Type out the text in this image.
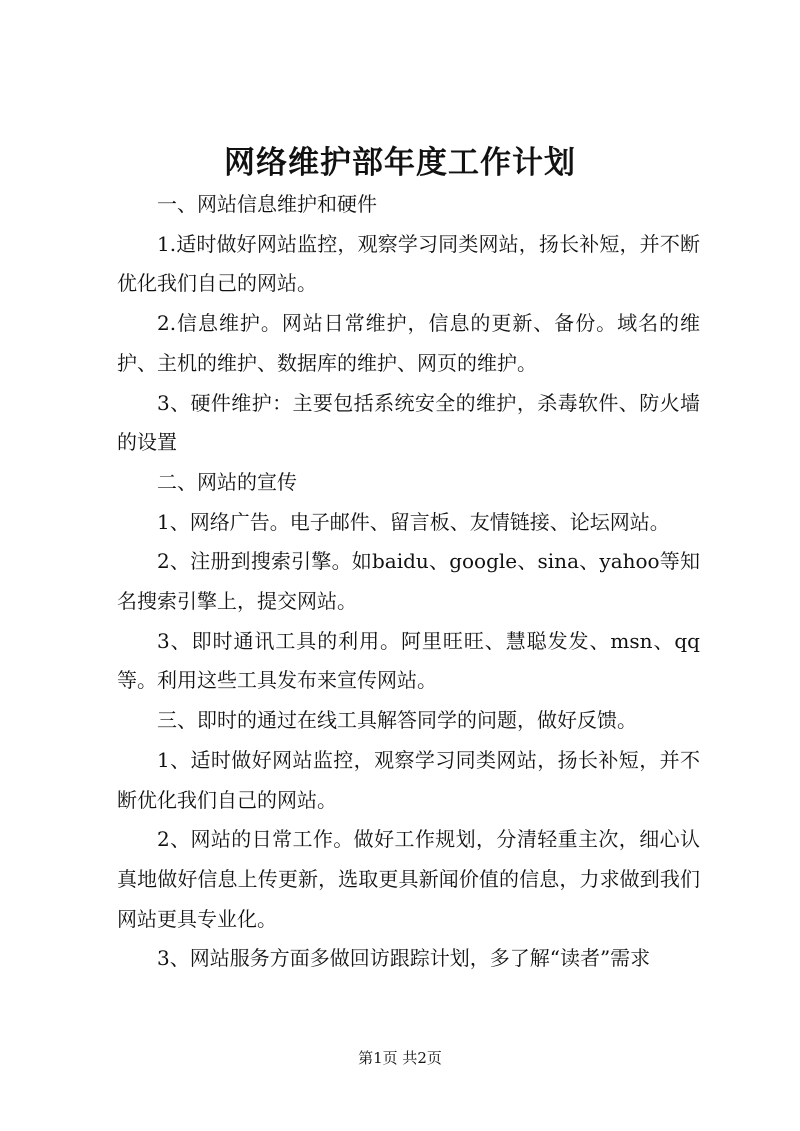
网络维护部年度工作计划

一、网站信息维护和硬件

1.适时做好网站监控，观察学习同类网站，扬长补短，并不断优化我们自己的网站。

2.信息维护。网站日常维护，信息的更新、备份。域名的维护、主机的维护、数据库的维护、网页的维护。

3、硬件维护：主要包括系统安全的维护，杀毒软件、防火墙的设置

二、网站的宣传

1、网络广告。电子邮件、留言板、友情链接、论坛网站。

2、注册到搜索引擎。如baidu、google、sina、yahoo等知名搜索引擎上，提交网站。

3、即时通讯工具的利用。阿里旺旺、慧聪发发、msn、qq等。利用这些工具发布来宣传网站。

三、即时的通过在线工具解答同学的问题，做好反馈。

1、适时做好网站监控，观察学习同类网站，扬长补短，并不断优化我们自己的网站。

2、网站的日常工作。做好工作规划，分清轻重主次，细心认真地做好信息上传更新，选取更具新闻价值的信息，力求做到我们网站更具专业化。

3、网站服务方面多做回访跟踪计划，多了解“读者”需求

第1页 共2页
